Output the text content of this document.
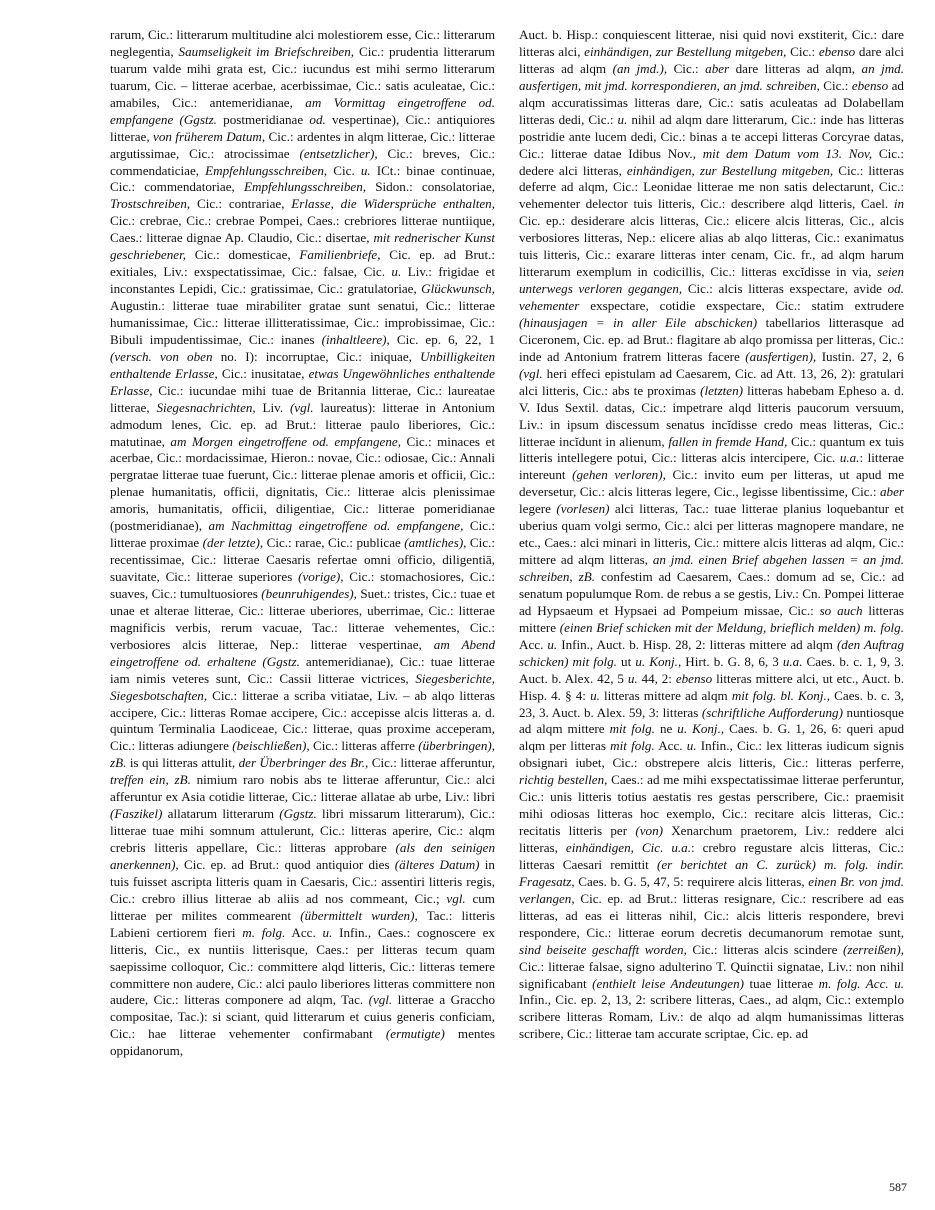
rarum, Cic.: litterarum multitudine alci molestiorem esse, Cic.: litterarum neglegentia, Saumseligkeit im Briefschreiben, Cic.: prudentia litterarum tuarum valde mihi grata est, Cic.: iucundus est mihi sermo litterarum tuarum, Cic. – litterae acerbae, acerbissimae, Cic.: satis aculeatae, Cic.: amabiles, Cic.: antemeridianae, am Vormittag eingetroffene od. empfangene (Ggstz. postmeridianae od. vespertinae), Cic.: antiquiores litterae, von früherem Datum, Cic.: ardentes in alqm litterae, Cic.: litterae argutissimae, Cic.: atrocissimae (entsetzlicher), Cic.: breves, Cic.: commendaticiae, Empfehlungsschreiben, Cic. u. ICt.: binae continuae, Cic.: commendatoriae, Empfehlungsschreiben, Sidon.: consolatoriae, Trostschreiben, Cic.: contrariae, Erlasse, die Widersprüche enthalten, Cic.: crebrae, Cic.: crebrae Pompei, Caes.: crebriores litterae nuntiique, Caes.: litterae dignae Ap. Claudio, Cic.: disertae, mit rednerischer Kunst geschriebener, Cic.: domesticae, Familienbriefe, Cic. ep. ad Brut.: exitiales, Liv.: exspectatissimae, Cic.: falsae, Cic. u. Liv.: frigidae et inconstantes Lepidi, Cic.: gratissimae, Cic.: gratulatoriae, Glückwunsch, Augustin.: litterae tuae mirabiliter gratae sunt senatui, Cic.: litterae humanissimae, Cic.: litterae illitteratissimae, Cic.: improbissimae, Cic.: Bibuli impudentissimae, Cic.: inanes (inhaltleere), Cic. ep. 6, 22, 1 (versch. von oben no. I): incorruptae, Cic.: iniquae, Unbilligkeiten enthaltende Erlasse, Cic.: inusitatae, etwas Ungewöhnliches enthaltende Erlasse, Cic.: iucundae mihi tuae de Britannia litterae, Cic.: laureatae litterae, Siegesnachrichten, Liv. (vgl. laureatus): litterae in Antonium admodum lenes, Cic. ep. ad Brut.: litterae paulo liberiores, Cic.: matutinae, am Morgen eingetroffene od. empfangene, Cic.: minaces et acerbae, Cic.: mordacissimae, Hieron.: novae, Cic.: odiosae, Cic.: Annali pergratae litterae tuae fuerunt, Cic.: litterae plenae amoris et officii, Cic.: plenae humanitatis, officii, dignitatis, Cic.: litterae alcis plenissimae amoris, humanitatis, officii, diligentiae, Cic.: litterae pomeridianae (postmeridianae), am Nachmittag eingetroffene od. empfangene, Cic.: litterae proximae (der letzte), Cic.: rarae, Cic.: publicae (amtliches), Cic.: recentissimae, Cic.: litterae Caesaris refertae omni officio, diligentiā, suavitate, Cic.: litterae superiores (vorige), Cic.: stomachosiores, Cic.: suaves, Cic.: tumultuosiores (beunruhigendes), Suet.: tristes, Cic.: tuae et unae et alterae litterae, Cic.: litterae uberiores, uberrimae, Cic.: litterae magnificis verbis, rerum vacuae, Tac.: litterae vehementes, Cic.: verbosiores alcis litterae, Nep.: litterae vespertinae, am Abend eingetroffene od. erhaltene (Ggstz. antemeridianae), Cic.: tuae litterae iam nimis veteres sunt, Cic.: Cassii litterae victrices, Siegesberichte, Siegesbotschaften, Cic.: litterae a scriba vitiatae, Liv. – ab alqo litteras accipere, Cic.: litteras Romae accipere, Cic.: accepisse alcis litteras a. d. quintum Terminalia Laodiceae, Cic.: litterae, quas proxime acceperam, Cic.: litteras adiungere (beischließen), Cic.: litteras afferre (überbringen), zB. is qui litteras attulit, der Überbringer des Br., Cic.: litterae afferuntur, treffen ein, zB. nimium raro nobis abs te litterae afferuntur, Cic.: alci afferuntur ex Asia cotidie litterae, Cic.: litterae allatae ab urbe, Liv.: libri (Faszikel) allatarum litterarum (Ggstz. libri missarum litterarum), Cic.: litterae tuae mihi somnum attulerunt, Cic.: litteras aperire, Cic.: alqm crebris litteris appellare, Cic.: litteras approbare (als den seinigen anerkennen), Cic. ep. ad Brut.: quod antiquior dies (älteres Datum) in tuis fuisset ascripta litteris quam in Caesaris, Cic.: assentiri litteris regis, Cic.: crebro illius litterae ab aliis ad nos commeant, Cic.; vgl. cum litterae per milites commearent (übermittelt wurden), Tac.: litteris Labieni certiorem fieri m. folg. Acc. u. Infin., Caes.: cognoscere ex litteris, Cic., ex nuntiis litterisque, Caes.: per litteras tecum quam saepissime colloquor, Cic.: committere alqd litteris, Cic.: litteras temere committere non audere, Cic.: alci paulo liberiores litteras committere non audere, Cic.: litteras componere ad alqm, Tac. (vgl. litterae a Graccho compositae, Tac.): si sciant, quid litterarum et cuius generis conficiam, Cic.: hae litterae vehementer confirmabant (ermutigte) mentes oppidanorum,

Auct. b. Hisp.: conquiescent litterae, nisi quid novi exstiterit, Cic.: dare litteras alci, einhändigen, zur Bestellung mitgeben, Cic.: ebenso dare alci litteras ad alqm (an jmd.), Cic.: aber dare litteras ad alqm, an jmd. ausfertigen, mit jmd. korrespondieren, an jmd. schreiben, Cic.: ebenso ad alqm accuratissimas litteras dare, Cic.: satis aculeatas ad Dolabellam litteras dedi, Cic.: u. nihil ad alqm dare litterarum, Cic.: inde has litteras postridie ante lucem dedi, Cic.: binas a te accepi litteras Corcyrae datas, Cic.: litterae datae Idibus Nov., mit dem Datum vom 13. Nov, Cic.: dedere alci litteras, einhändigen, zur Bestellung mitgeben, Cic.: litteras deferre ad alqm, Cic.: Leonidae litterae me non satis delectarunt, Cic.: vehementer delector tuis litteris, Cic.: describere alqd litteris, Cael. in Cic. ep.: desiderare alcis litteras, Cic.: elicere alcis litteras, Cic., alcis verbosiores litteras, Nep.: elicere alias ab alqo litteras, Cic.: exanimatus tuis litteris, Cic.: exarare litteras inter cenam, Cic. fr., ad alqm harum litterarum exemplum in codicillis, Cic.: litteras excĭdisse in via, seien unterwegs verloren gegangen, Cic.: alcis litteras exspectare, avide od. vehementer exspectare, cotidie exspectare, Cic.: statim extrudere (hinausjagen = in aller Eile abschicken) tabellarios litterasque ad Ciceronem, Cic. ep. ad Brut.: flagitare ab alqo promissa per litteras, Cic.: inde ad Antonium fratrem litteras facere (ausfertigen), Iustin. 27, 2, 6 (vgl. heri effeci epistulam ad Caesarem, Cic. ad Att. 13, 26, 2): gratulari alci litteris, Cic.: abs te proximas (letzten) litteras habebam Epheso a. d. V. Idus Sextil. datas, Cic.: impetrare alqd litteris paucorum versuum, Liv.: in ipsum discessum senatus incĭdisse credo meas litteras, Cic.: litterae incĭdunt in alienum, fallen in fremde Hand, Cic.: quantum ex tuis litteris intellegere potui, Cic.: litteras alcis intercipere, Cic. u.a.: litterae intereunt (gehen verloren), Cic.: invito eum per litteras, ut apud me deversetur, Cic.: alcis litteras legere, Cic., legisse libentissime, Cic.: aber legere (vorlesen) alci litteras, Tac.: tuae litterae planius loquebantur et uberius quam volgi sermo, Cic.: alci per litteras magnopere mandare, ne etc., Caes.: alci minari in litteris, Cic.: mittere alcis litteras ad alqm, Cic.: mittere ad alqm litteras, an jmd. einen Brief abgehen lassen = an jmd. schreiben, zB. confestim ad Caesarem, Caes.: domum ad se, Cic.: ad senatum populumque Rom. de rebus a se gestis, Liv.: Cn. Pompei litterae ad Hypsaeum et Hypsaei ad Pompeium missae, Cic.: so auch litteras mittere (einen Brief schicken mit der Meldung, brieflich melden) m. folg. Acc. u. Infin., Auct. b. Hisp. 28, 2: litteras mittere ad alqm (den Auftrag schicken) mit folg. ut u. Konj., Hirt. b. G. 8, 6, 3 u.a. Caes. b. c. 1, 9, 3. Auct. b. Alex. 42, 5 u. 44, 2: ebenso litteras mittere alci, ut etc., Auct. b. Hisp. 4. § 4: u. litteras mittere ad alqm mit folg. bl. Konj., Caes. b. c. 3, 23, 3. Auct. b. Alex. 59, 3: litteras (schriftliche Aufforderung) nuntiosque ad alqm mittere mit folg. ne u. Konj., Caes. b. G. 1, 26, 6: queri apud alqm per litteras mit folg. Acc. u. Infin., Cic.: lex litteras iudicum signis obsignari iubet, Cic.: obstrepere alcis litteris, Cic.: litteras perferre, richtig bestellen, Caes.: ad me mihi exspectatissimae litterae perferuntur, Cic.: unis litteris totius aestatis res gestas perscribere, Cic.: praemisit mihi odiosas litteras hoc exemplo, Cic.: recitare alcis litteras, Cic.: recitatis litteris per (von) Xenarchum praetorem, Liv.: reddere alci litteras, einhändigen, Cic. u.a.: crebro regustare alcis litteras, Cic.: litteras Caesari remittit (er berichtet an C. zurück) m. folg. indir. Fragesatz, Caes. b. G. 5, 47, 5: requirere alcis litteras, einen Br. von jmd. verlangen, Cic. ep. ad Brut.: litteras resignare, Cic.: rescribere ad eas litteras, ad eas ei litteras nihil, Cic.: alcis litteris respondere, brevi respondere, Cic.: litterae eorum decretis decumanorum remotae sunt, sind beiseite geschafft worden, Cic.: litteras alcis scindere (zerreißen), Cic.: litterae falsae, signo adulterino T. Quinctii signatae, Liv.: non nihil significabant (enthielt leise Andeutungen) tuae litterae m. folg. Acc. u. Infin., Cic. ep. 2, 13, 2: scribere litteras, Caes., ad alqm, Cic.: extemplo scribere litteras Romam, Liv.: de alqo ad alqm humanissimas litteras scribere, Cic.: litterae tam accurate scriptae, Cic. ep. ad

587
